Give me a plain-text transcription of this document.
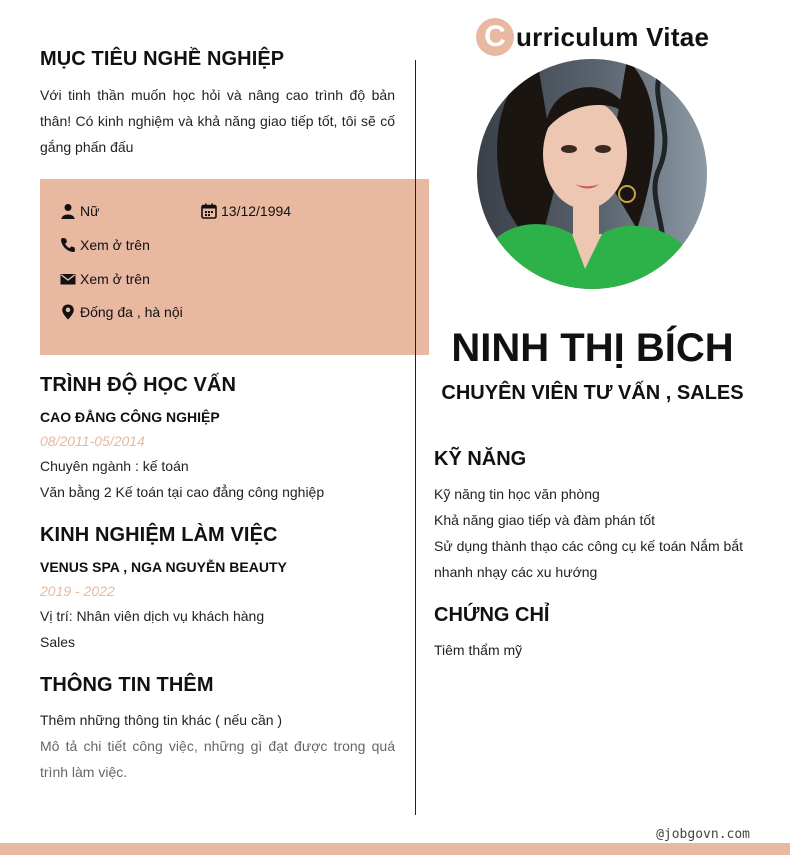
MỤC TIÊU NGHỀ NGHIỆP
Với tinh thần muốn học hỏi và nâng cao trình độ bản thân! Có kinh nghiệm và khả năng giao tiếp tốt, tôi sẽ cố gắng phấn đấu
Nữ	13/12/1994
Xem ở trên
Xem ở trên
Đống đa , hà nội
TRÌNH ĐỘ HỌC VẤN
CAO ĐẲNG CÔNG NGHIỆP
08/2011-05/2014
Chuyên ngành : kế toán
Văn bằng 2 Kế toán tại cao đẳng công nghiệp
KINH NGHIỆM LÀM VIỆC
VENUS SPA , NGA NGUYỄN BEAUTY
2019 - 2022
Vị trí: Nhân viên dịch vụ khách hàng
Sales
THÔNG TIN THÊM
Thêm những thông tin khác ( nếu cần )
Mô tả chi tiết công việc, những gì đạt được trong quá trình làm việc.
C urriculum Vitae
NINH THỊ BÍCH
CHUYÊN VIÊN TƯ VẤN , SALES
KỸ NĂNG
Kỹ năng tin học văn phòng
Khả năng giao tiếp và đàm phán tốt
Sử dụng thành thạo các công cụ kế toán Nắm bắt nhanh nhạy các xu hướng
CHỨNG CHỈ
Tiêm thẩm mỹ
@jobgovn.com
